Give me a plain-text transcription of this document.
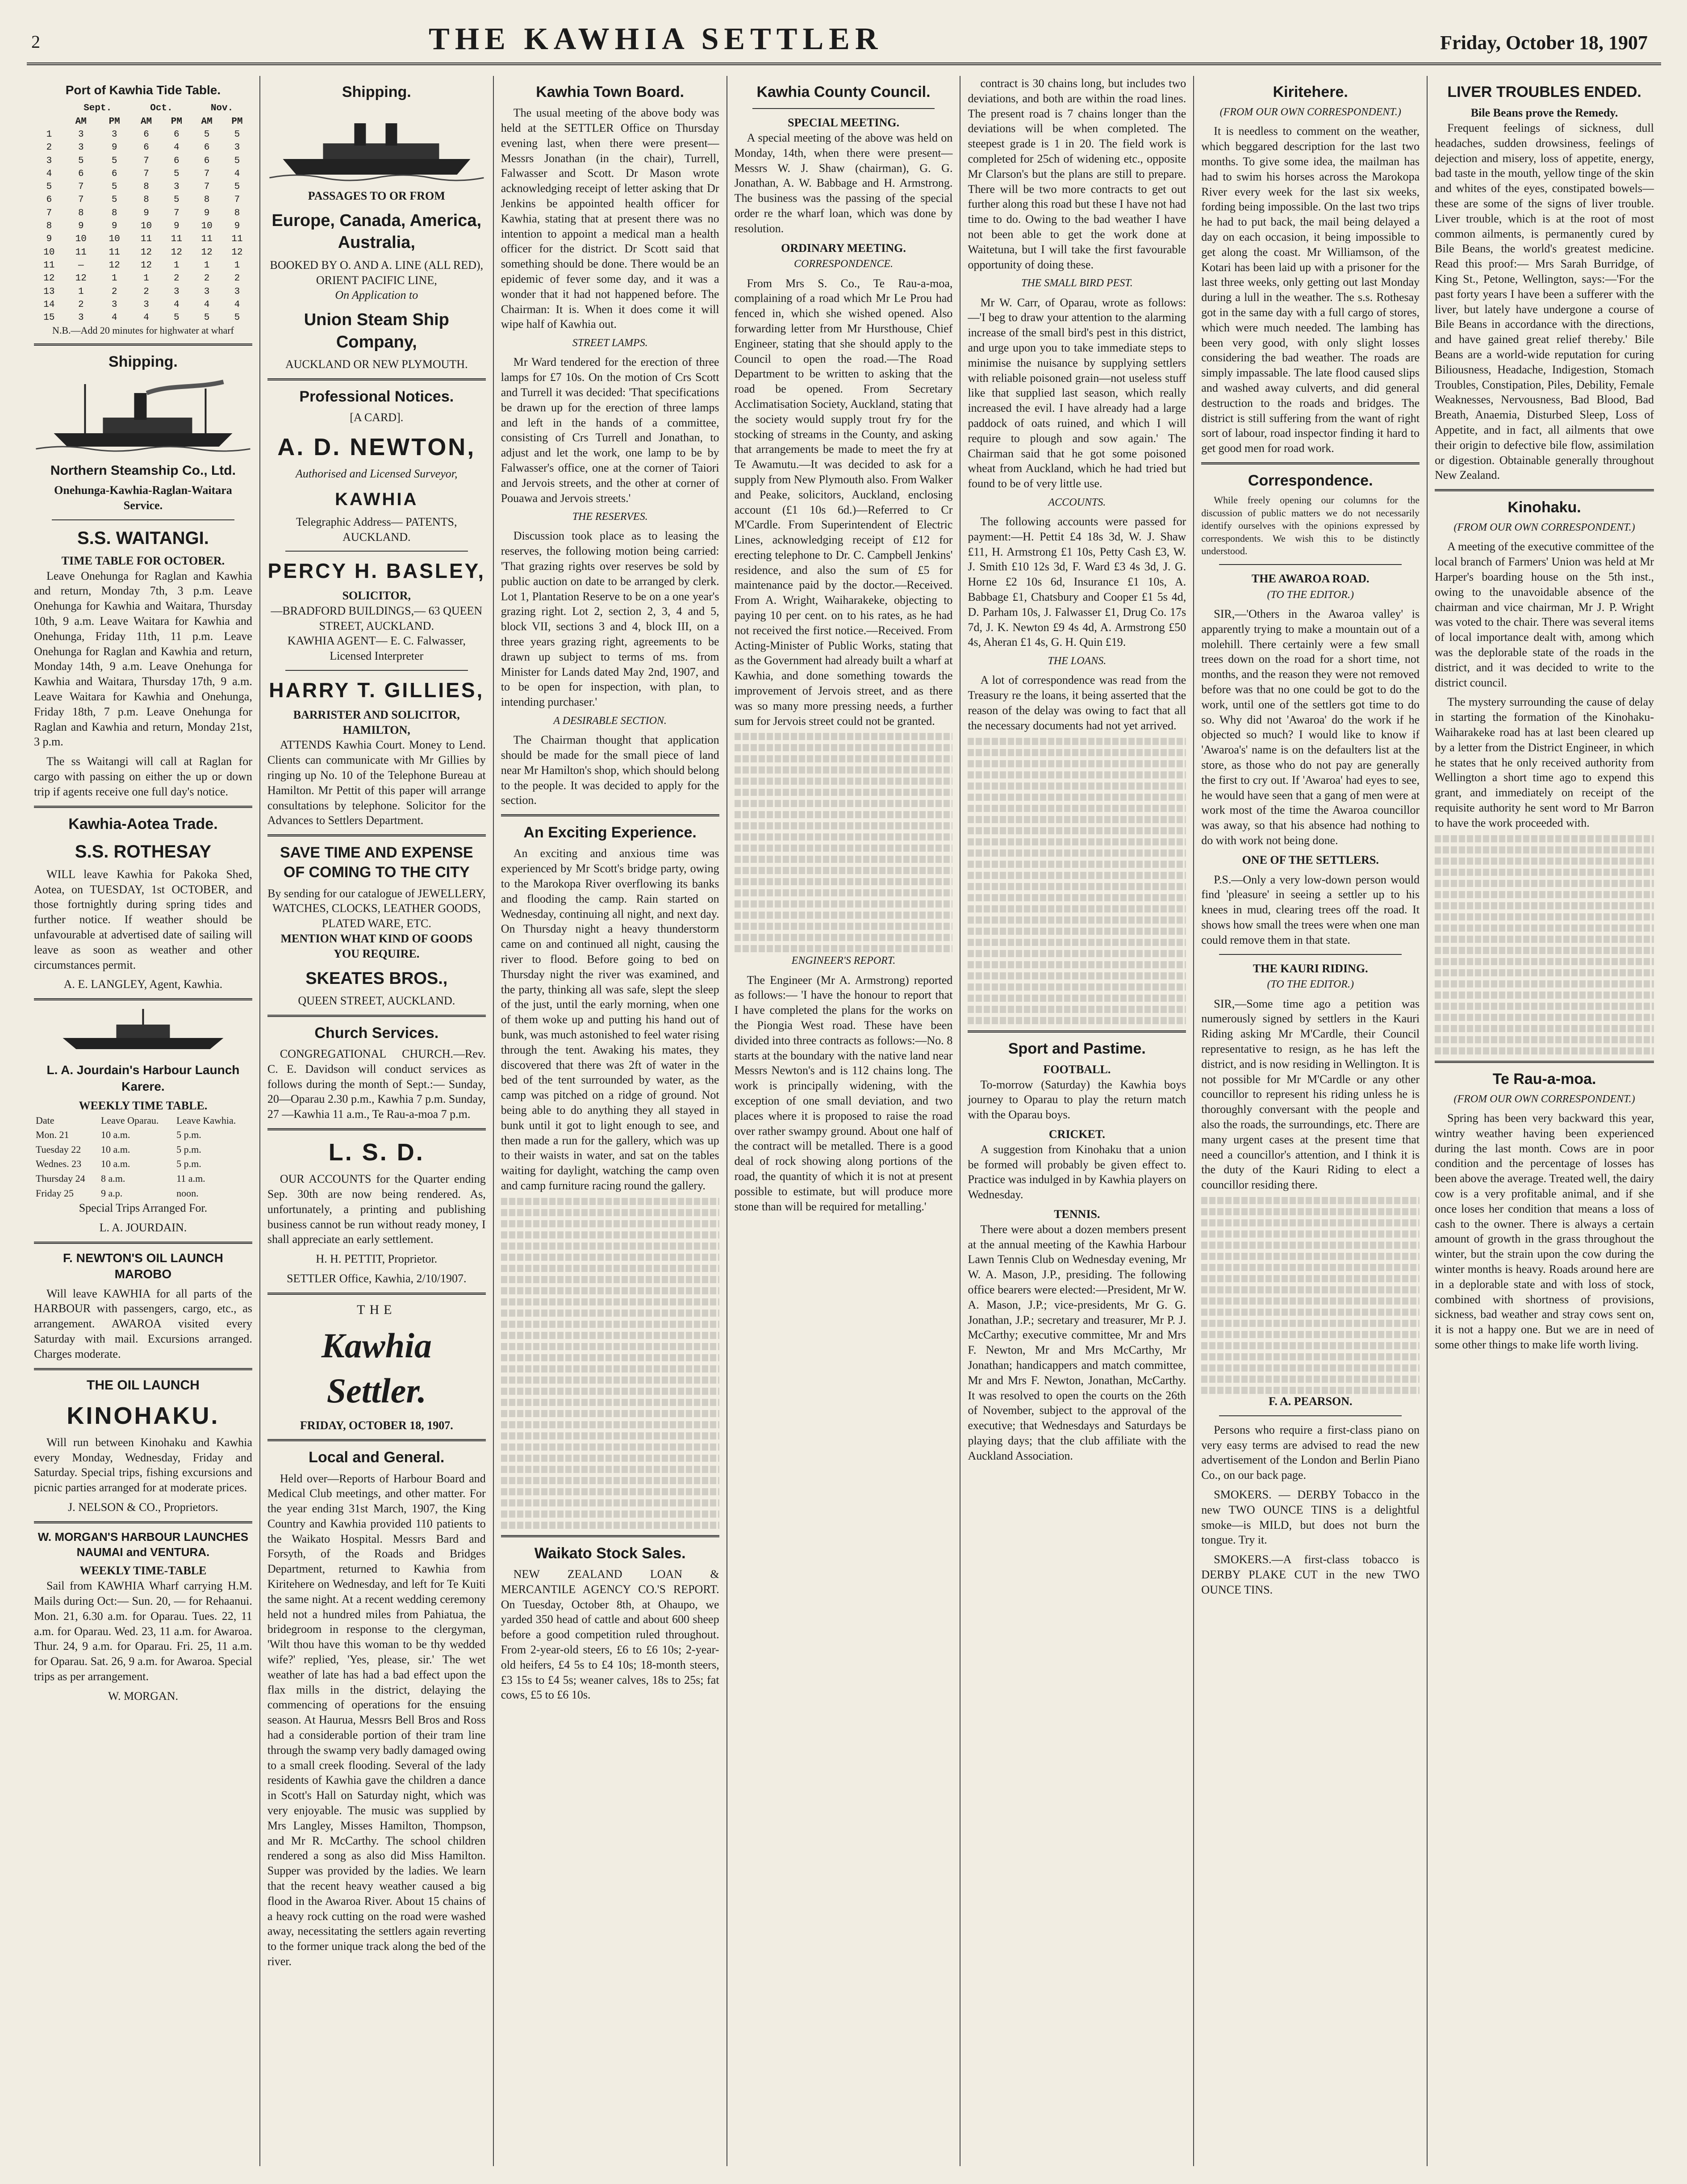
2	THE KAWHIA SETTLER	Friday, October 18, 1907
Port of Kawhia Tide Table.
	Sept.		Oct.		Nov.	
	AM	PM	AM	PM	AM	PM
1	3	3	6	6	5	5
2	3	9	6	4	6	3
3	5	5	7	6	6	5
4	6	6	7	5	7	4
5	7	5	8	3	7	5
6	7	5	8	5	8	7
7	8	8	9	7	9	8
8	9	9	10	9	10	9
9	10	10	11	11	11	11
10	11	11	12	12	12	12
11	—	12	12	1	1	1
12	12	1	1	2	2	2
13	1	2	2	3	3	3
14	2	3	3	4	4	4
15	3	4	4	5	5	5

N.B.—Add 20 minutes for highwater at wharf

Shipping.
Northern Steamship Co., Ltd.
Onehunga-Kawhia-Raglan-Waitara Service.
S.S. WAITANGI.
TIME TABLE FOR OCTOBER.

Leave Onehunga for Raglan and Kawhia and return, Monday 7th, 3 p.m. Leave Onehunga for Kawhia and Waitara, Thursday 10th, 9 a.m. Leave Waitara for Kawhia and Onehunga, Friday 11th, 11 p.m. Leave Onehunga for Raglan and Kawhia and return, Monday 14th, 9 a.m. Leave Onehunga for Kawhia and Waitara, Thursday 17th, 9 a.m. Leave Waitara for Kawhia and Onehunga, Friday 18th, 7 p.m. Leave Onehunga for Raglan and Kawhia and return, Monday 21st, 3 p.m.

The ss Waitangi will call at Raglan for cargo with passing on either the up or down trip if agents receive one full day's notice.

Kawhia-Aotea Trade.
S.S. ROTHESAY

WILL leave Kawhia for Pakoka Shed, Aotea, on TUESDAY, 1st OCTOBER, and those fortnightly during spring tides and further notice. If weather should be unfavourable at advertised date of sailing will leave as soon as weather and other circumstances permit.

A. E. LANGLEY, Agent, Kawhia.

L. A. Jourdain's Harbour Launch Karere.
WEEKLY TIME TABLE.
Date	Leave Oparau.	Leave Kawhia.
Mon. 21	10 a.m.	5 p.m.
Tuesday 22	10 a.m.	5 p.m.
Wednes. 23	10 a.m.	5 p.m.
Thursday 24	8 a.m.	11 a.m.
Friday 25	9 a.p.	noon.

Special Trips Arranged For.

L. A. JOURDAIN.

F. NEWTON'S OIL LAUNCH MAROBO

Will leave KAWHIA for all parts of the HARBOUR with passengers, cargo, etc., as arrangement. AWAROA visited every Saturday with mail. Excursions arranged. Charges moderate.

THE OIL LAUNCH
KINOHAKU.

Will run between Kinohaku and Kawhia every Monday, Wednesday, Friday and Saturday. Special trips, fishing excursions and picnic parties arranged for at moderate prices.

J. NELSON & CO., Proprietors.

W. MORGAN'S HARBOUR LAUNCHES NAUMAI and VENTURA.
WEEKLY TIME-TABLE

Sail from KAWHIA Wharf carrying H.M. Mails during Oct:— Sun. 20, — for Rehaanui. Mon. 21, 6.30 a.m. for Oparau. Tues. 22, 11 a.m. for Oparau. Wed. 23, 11 a.m. for Awaroa. Thur. 24, 9 a.m. for Oparau. Fri. 25, 11 a.m. for Oparau. Sat. 26, 9 a.m. for Awaroa. Special trips as per arrangement.

W. MORGAN.

Shipping.
PASSAGES TO OR FROM
Europe, Canada, America, Australia,
BOOKED BY O. AND A. LINE (ALL RED), ORIENT PACIFIC LINE,
On Application to
Union Steam Ship Company,
AUCKLAND OR NEW PLYMOUTH.
Professional Notices.
[A CARD].
A. D. NEWTON,
Authorised and Licensed Surveyor,
KAWHIA
Telegraphic Address— PATENTS, AUCKLAND.
PERCY H. BASLEY,
SOLICITOR,
—BRADFORD BUILDINGS,— 63 QUEEN STREET, AUCKLAND.
KAWHIA AGENT— E. C. Falwasser, Licensed Interpreter
HARRY T. GILLIES,
BARRISTER AND SOLICITOR, HAMILTON,

ATTENDS Kawhia Court. Money to Lend. Clients can communicate with Mr Gillies by ringing up No. 10 of the Telephone Bureau at Hamilton. Mr Pettit of this paper will arrange consultations by telephone. Solicitor for the Advances to Settlers Department.

SAVE TIME AND EXPENSE OF COMING TO THE CITY
By sending for our catalogue of JEWELLERY, WATCHES, CLOCKS, LEATHER GOODS, PLATED WARE, ETC.
MENTION WHAT KIND OF GOODS YOU REQUIRE.
SKEATES BROS.,
QUEEN STREET, AUCKLAND.
Church Services.

CONGREGATIONAL CHURCH.—Rev. C. E. Davidson will conduct services as follows during the month of Sept.:— Sunday, 20—Oparau 2.30 p.m., Kawhia 7 p.m. Sunday, 27 —Kawhia 11 a.m., Te Rau-a-moa 7 p.m.

L. S. D.

OUR ACCOUNTS for the Quarter ending Sep. 30th are now being rendered. As, unfortunately, a printing and publishing business cannot be run without ready money, I shall appreciate an early settlement.

H. H. PETTIT, Proprietor.

SETTLER Office, Kawhia, 2/10/1907.

THE
Kawhia Settler.
FRIDAY, OCTOBER 18, 1907.
Local and General.

Held over—Reports of Harbour Board and Medical Club meetings, and other matter. For the year ending 31st March, 1907, the King Country and Kawhia provided 110 patients to the Waikato Hospital. Messrs Bard and Forsyth, of the Roads and Bridges Department, returned to Kawhia from Kiritehere on Wednesday, and left for Te Kuiti the same night. At a recent wedding ceremony held not a hundred miles from Pahiatua, the bridegroom in response to the clergyman, 'Wilt thou have this woman to be thy wedded wife?' replied, 'Yes, please, sir.' The wet weather of late has had a bad effect upon the flax mills in the district, delaying the commencing of operations for the ensuing season. At Haurua, Messrs Bell Bros and Ross had a considerable portion of their tram line through the swamp very badly damaged owing to a small creek flooding. Several of the lady residents of Kawhia gave the children a dance in Scott's Hall on Saturday night, which was very enjoyable. The music was supplied by Mrs Langley, Misses Hamilton, Thompson, and Mr R. McCarthy. The school children rendered a song as also did Miss Hamilton. Supper was provided by the ladies. We learn that the recent heavy weather caused a big flood in the Awaroa River. About 15 chains of a heavy rock cutting on the road were washed away, necessitating the settlers again reverting to the former unique track along the bed of the river.

Kawhia Town Board.

The usual meeting of the above body was held at the SETTLER Office on Thursday evening last, when there were present—Messrs Jonathan (in the chair), Turrell, Falwasser and Scott. Dr Mason wrote acknowledging receipt of letter asking that Dr Jenkins be appointed health officer for Kawhia, stating that at present there was no intention to appoint a medical man a health officer for the district. Dr Scott said that something should be done. There would be an epidemic of fever some day, and it was a wonder that it had not happened before. The Chairman: It is. When it does come it will wipe half of Kawhia out.

STREET LAMPS.

Mr Ward tendered for the erection of three lamps for £7 10s. On the motion of Crs Scott and Turrell it was decided: 'That specifications be drawn up for the erection of three lamps and left in the hands of a committee, consisting of Crs Turrell and Jonathan, to adjust and let the work, one lamp to be by Falwasser's office, one at the corner of Taiori and Jervois streets, and the other at corner of Pouawa and Jervois streets.'

THE RESERVES.

Discussion took place as to leasing the reserves, the following motion being carried: 'That grazing rights over reserves be sold by public auction on date to be arranged by clerk. Lot 1, Plantation Reserve to be on a one year's grazing right. Lot 2, section 2, 3, 4 and 5, block VII, sections 3 and 4, block III, on a three years grazing right, agreements to be drawn up subject to terms of ms. from Minister for Lands dated May 2nd, 1907, and to be open for inspection, with plan, to intending purchaser.'

A DESIRABLE SECTION.

The Chairman thought that application should be made for the small piece of land near Mr Hamilton's shop, which should belong to the people. It was decided to apply for the section.

An Exciting Experience.

An exciting and anxious time was experienced by Mr Scott's bridge party, owing to the Marokopa River overflowing its banks and flooding the camp. Rain started on Wednesday, continuing all night, and next day. On Thursday night a heavy thunderstorm came on and continued all night, causing the river to flood. Before going to bed on Thursday night the river was examined, and the party, thinking all was safe, slept the sleep of the just, until the early morning, when one of them woke up and putting his hand out of bunk, was much astonished to feel water rising through the tent. Awaking his mates, they discovered that there was 2ft of water in the bed of the tent surrounded by water, as the camp was pitched on a ridge of ground. Not being able to do anything they all stayed in bunk until it got to light enough to see, and then made a run for the gallery, which was up to their waists in water, and sat on the tables waiting for daylight, watching the camp oven and camp furniture racing round the gallery.

Waikato Stock Sales.

NEW ZEALAND LOAN & MERCANTILE AGENCY CO.'S REPORT. On Tuesday, October 8th, at Ohaupo, we yarded 350 head of cattle and about 600 sheep before a good competition ruled throughout. From 2-year-old steers, £6 to £6 10s; 2-year-old heifers, £4 5s to £4 10s; 18-month steers, £3 15s to £4 5s; weaner calves, 18s to 25s; fat cows, £5 to £6 10s.

Kawhia County Council.
SPECIAL MEETING.

A special meeting of the above was held on Monday, 14th, when there were present—Messrs W. J. Shaw (chairman), G. G. Jonathan, A. W. Babbage and H. Armstrong. The business was the passing of the special order re the wharf loan, which was done by resolution.

ORDINARY MEETING.
CORRESPONDENCE.

From Mrs S. Co., Te Rau-a-moa, complaining of a road which Mr Le Prou had fenced in, which she wished opened. Also forwarding letter from Mr Hursthouse, Chief Engineer, stating that she should apply to the Council to open the road.—The Road Department to be written to asking that the road be opened. From Secretary Acclimatisation Society, Auckland, stating that the society would supply trout fry for the stocking of streams in the County, and asking that arrangements be made to meet the fry at Te Awamutu.—It was decided to ask for a supply from New Plymouth also. From Walker and Peake, solicitors, Auckland, enclosing account (£1 10s 6d.)—Referred to Cr M'Cardle. From Superintendent of Electric Lines, acknowledging receipt of £12 for erecting telephone to Dr. C. Campbell Jenkins' residence, and also the sum of £5 for maintenance paid by the doctor.—Received. From A. Wright, Waiharakeke, objecting to paying 10 per cent. on to his rates, as he had not received the first notice.—Received. From Acting-Minister of Public Works, stating that as the Government had already built a wharf at Kawhia, and done something towards the improvement of Jervois street, and as there was so many more pressing needs, a further sum for Jervois street could not be granted.

ENGINEER'S REPORT.

The Engineer (Mr A. Armstrong) reported as follows:— 'I have the honour to report that I have completed the plans for the works on the Piongia West road. These have been divided into three contracts as follows:—No. 8 starts at the boundary with the native land near Messrs Newton's and is 112 chains long. The work is principally widening, with the exception of one small deviation, and two places where it is proposed to raise the road over rather swampy ground. About one half of the contract will be metalled. There is a good deal of rock showing along portions of the road, the quantity of which it is not at present possible to estimate, but will produce more stone than will be required for metalling.'

contract is 30 chains long, but includes two deviations, and both are within the road lines. The present road is 7 chains longer than the deviations will be when completed. The steepest grade is 1 in 20. The field work is completed for 25ch of widening etc., opposite Mr Clarson's but the plans are still to prepare. There will be two more contracts to get out further along this road but these I have not had time to do. Owing to the bad weather I have not been able to get the work done at Waitetuna, but I will take the first favourable opportunity of doing these.

THE SMALL BIRD PEST.

Mr W. Carr, of Oparau, wrote as follows:—'I beg to draw your attention to the alarming increase of the small bird's pest in this district, and urge upon you to take immediate steps to minimise the nuisance by supplying settlers with reliable poisoned grain—not useless stuff like that supplied last season, which really increased the evil. I have already had a large paddock of oats ruined, and which I will require to plough and sow again.' The Chairman said that he got some poisoned wheat from Auckland, which he had tried but found to be of very little use.

ACCOUNTS.

The following accounts were passed for payment:—H. Pettit £4 18s 3d, W. J. Shaw £11, H. Armstrong £1 10s, Petty Cash £3, W. J. Smith £10 12s 3d, F. Ward £3 4s 3d, J. G. Horne £2 10s 6d, Insurance £1 10s, A. Babbage £1, Chatsbury and Cooper £1 5s 4d, D. Parham 10s, J. Falwasser £1, Drug Co. 17s 7d, J. K. Newton £9 4s 4d, A. Armstrong £50 4s, Aheran £1 4s, G. H. Quin £19.

THE LOANS.

A lot of correspondence was read from the Treasury re the loans, it being asserted that the reason of the delay was owing to fact that all the necessary documents had not yet arrived.

Sport and Pastime.
FOOTBALL.

To-morrow (Saturday) the Kawhia boys journey to Oparau to play the return match with the Oparau boys.

CRICKET.

A suggestion from Kinohaku that a union be formed will probably be given effect to. Practice was indulged in by Kawhia players on Wednesday.

TENNIS.

There were about a dozen members present at the annual meeting of the Kawhia Harbour Lawn Tennis Club on Wednesday evening, Mr W. A. Mason, J.P., presiding. The following office bearers were elected:—President, Mr W. A. Mason, J.P.; vice-presidents, Mr G. G. Jonathan, J.P.; secretary and treasurer, Mr P. J. McCarthy; executive committee, Mr and Mrs F. Newton, Mr and Mrs McCarthy, Mr Jonathan; handicappers and match committee, Mr and Mrs F. Newton, Jonathan, McCarthy. It was resolved to open the courts on the 26th of November, subject to the approval of the executive; that Wednesdays and Saturdays be playing days; that the club affiliate with the Auckland Association.

Kiritehere.
(FROM OUR OWN CORRESPONDENT.)

It is needless to comment on the weather, which beggared description for the last two months. To give some idea, the mailman has had to swim his horses across the Marokopa River every week for the last six weeks, fording being impossible. On the last two trips he had to put back, the mail being delayed a day on each occasion, it being impossible to get along the coast. Mr Williamson, of the Kotari has been laid up with a prisoner for the last three weeks, only getting out last Monday during a lull in the weather. The s.s. Rothesay got in the same day with a full cargo of stores, which were much needed. The lambing has been very good, with only slight losses considering the bad weather. The roads are simply impassable. The late flood caused slips and washed away culverts, and did general destruction to the roads and bridges. The district is still suffering from the want of right sort of labour, road inspector finding it hard to get good men for road work.

Correspondence.

While freely opening our columns for the discussion of public matters we do not necessarily identify ourselves with the opinions expressed by correspondents. We wish this to be distinctly understood.

THE AWAROA ROAD.
(TO THE EDITOR.)

SIR,—'Others in the Awaroa valley' is apparently trying to make a mountain out of a molehill. There certainly were a few small trees down on the road for a short time, not months, and the reason they were not removed before was that no one could be got to do the work, until one of the settlers got time to do so. Why did not 'Awaroa' do the work if he objected so much? I would like to know if 'Awaroa's' name is on the defaulters list at the store, as those who do not pay are generally the first to cry out. If 'Awaroa' had eyes to see, he would have seen that a gang of men were at work most of the time the Awaroa councillor was away, so that his absence had nothing to do with work not being done.

ONE OF THE SETTLERS.

P.S.—Only a very low-down person would find 'pleasure' in seeing a settler up to his knees in mud, clearing trees off the road. It shows how small the trees were when one man could remove them in that state.

THE KAURI RIDING.
(TO THE EDITOR.)

SIR,—Some time ago a petition was numerously signed by settlers in the Kauri Riding asking Mr M'Cardle, their Council representative to resign, as he has left the district, and is now residing in Wellington. It is not possible for Mr M'Cardle or any other councillor to represent his riding unless he is thoroughly conversant with the people and also the roads, the surroundings, etc. There are many urgent cases at the present time that need a councillor's attention, and I think it is the duty of the Kauri Riding to elect a councillor residing there.

F. A. PEARSON.

Persons who require a first-class piano on very easy terms are advised to read the new advertisement of the London and Berlin Piano Co., on our back page.

SMOKERS. — DERBY Tobacco in the new TWO OUNCE TINS is a delightful smoke—is MILD, but does not burn the tongue. Try it.

SMOKERS.—A first-class tobacco is DERBY PLAKE CUT in the new TWO OUNCE TINS.

LIVER TROUBLES ENDED.
Bile Beans prove the Remedy.

Frequent feelings of sickness, dull headaches, sudden drowsiness, feelings of dejection and misery, loss of appetite, energy, bad taste in the mouth, yellow tinge of the skin and whites of the eyes, constipated bowels—these are some of the signs of liver trouble. Liver trouble, which is at the root of most common ailments, is permanently cured by Bile Beans, the world's greatest medicine. Read this proof:— Mrs Sarah Burridge, of King St., Petone, Wellington, says:—'For the past forty years I have been a sufferer with the liver, but lately have undergone a course of Bile Beans in accordance with the directions, and have gained great relief thereby.' Bile Beans are a world-wide reputation for curing Biliousness, Headache, Indigestion, Stomach Troubles, Constipation, Piles, Debility, Female Weaknesses, Nervousness, Bad Blood, Bad Breath, Anaemia, Disturbed Sleep, Loss of Appetite, and in fact, all ailments that owe their origin to defective bile flow, assimilation or digestion. Obtainable generally throughout New Zealand.

Kinohaku.
(FROM OUR OWN CORRESPONDENT.)

A meeting of the executive committee of the local branch of Farmers' Union was held at Mr Harper's boarding house on the 5th inst., owing to the unavoidable absence of the chairman and vice chairman, Mr J. P. Wright was voted to the chair. There was several items of local importance dealt with, among which was the deplorable state of the roads in the district, and it was decided to write to the district council.

The mystery surrounding the cause of delay in starting the formation of the Kinohaku-Waiharakeke road has at last been cleared up by a letter from the District Engineer, in which he states that he only received authority from Wellington a short time ago to expend this grant, and immediately on receipt of the requisite authority he sent word to Mr Barron to have the work proceeded with.

Te Rau-a-moa.
(FROM OUR OWN CORRESPONDENT.)

Spring has been very backward this year, wintry weather having been experienced during the last month. Cows are in poor condition and the percentage of losses has been above the average. Treated well, the dairy cow is a very profitable animal, and if she once loses her condition that means a loss of cash to the owner. There is always a certain amount of growth in the grass throughout the winter, but the strain upon the cow during the winter months is heavy. Roads around here are in a deplorable state and with loss of stock, combined with shortness of provisions, sickness, bad weather and stray cows sent on, it is not a happy one. But we are in need of some other things to make life worth living.
